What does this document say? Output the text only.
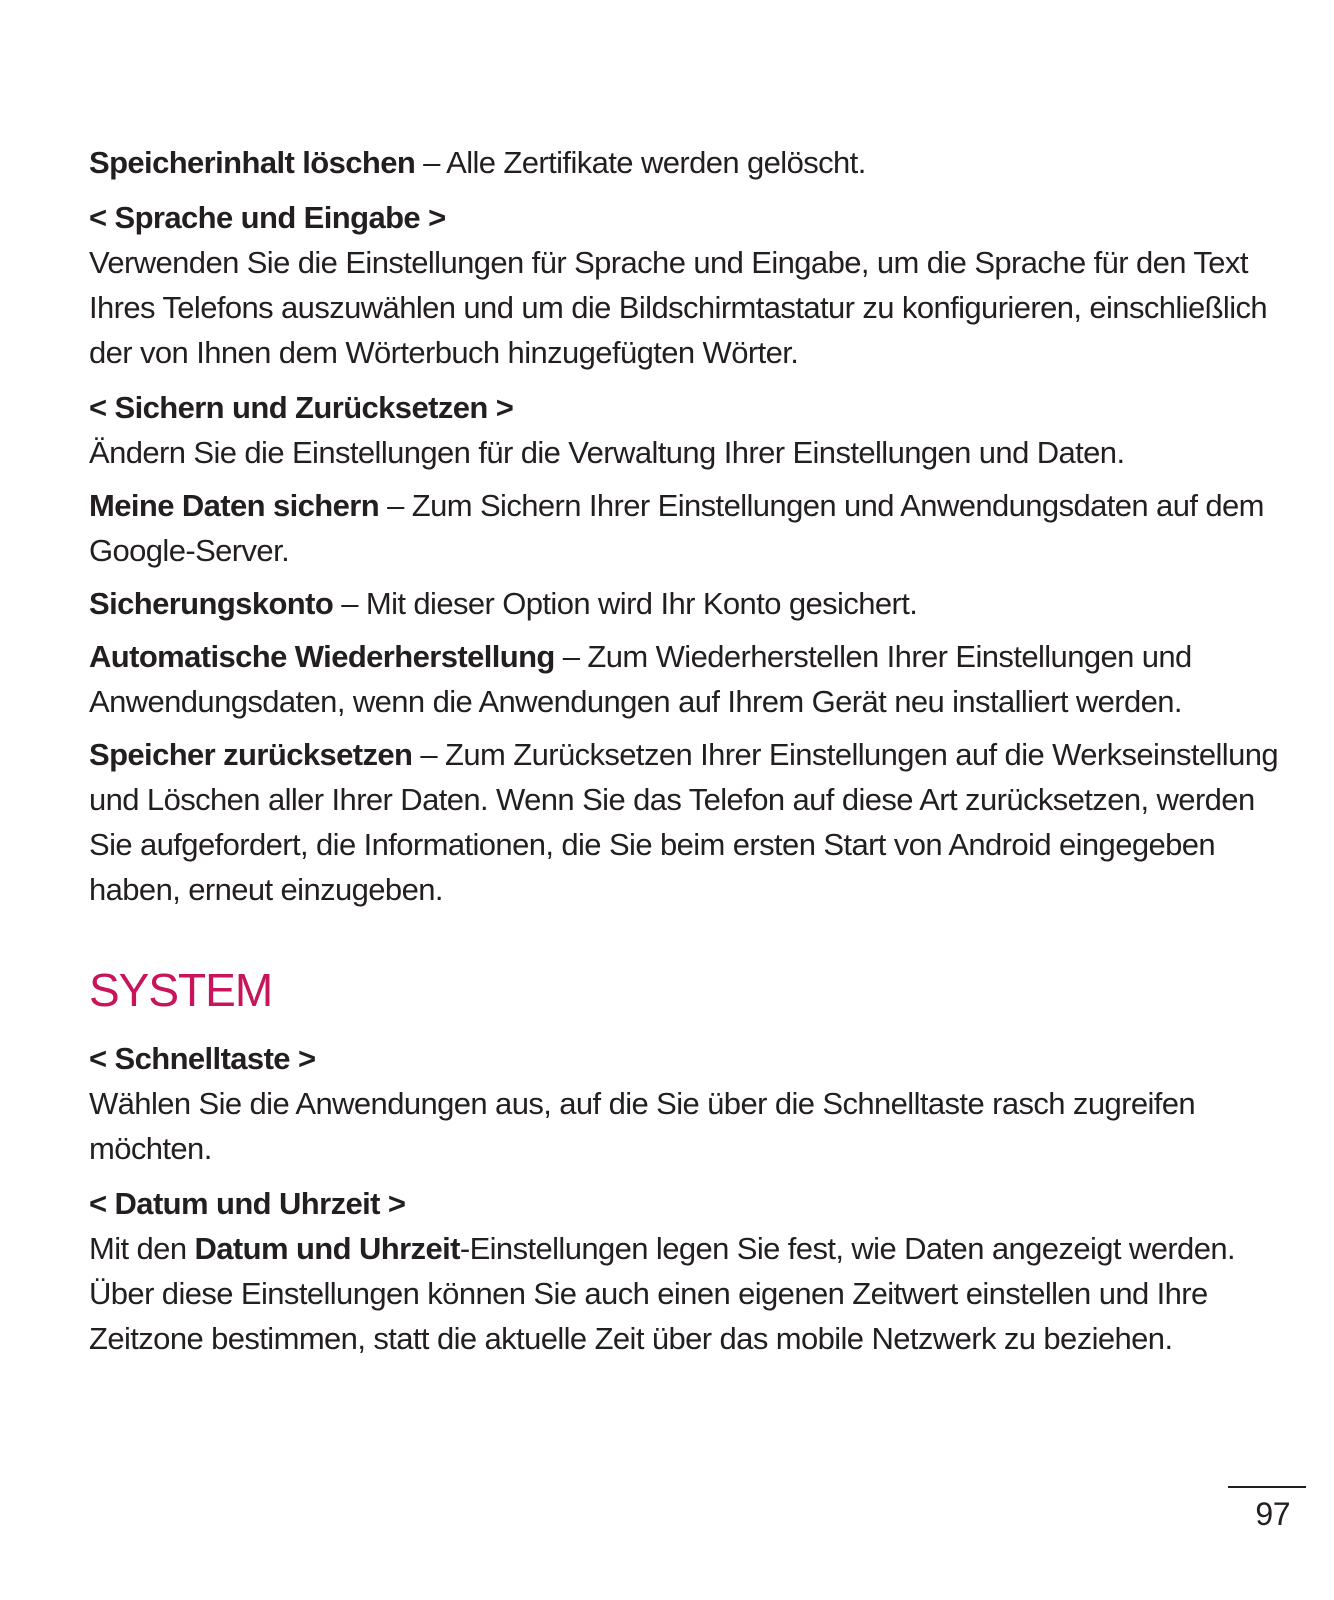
Speicherinhalt löschen – Alle Zertifikate werden gelöscht.

< Sprache und Eingabe >

Verwenden Sie die Einstellungen für Sprache und Eingabe, um die Sprache für den Text Ihres Telefons auszuwählen und um die Bildschirmtastatur zu konfigurieren, einschließlich der von Ihnen dem Wörterbuch hinzugefügten Wörter.

< Sichern und Zurücksetzen >

Ändern Sie die Einstellungen für die Verwaltung Ihrer Einstellungen und Daten.

Meine Daten sichern – Zum Sichern Ihrer Einstellungen und Anwendungsdaten auf dem Google-Server.

Sicherungskonto – Mit dieser Option wird Ihr Konto gesichert.

Automatische Wiederherstellung – Zum Wiederherstellen Ihrer Einstellungen und Anwendungsdaten, wenn die Anwendungen auf Ihrem Gerät neu installiert werden.

Speicher zurücksetzen – Zum Zurücksetzen Ihrer Einstellungen auf die Werkseinstellung und Löschen aller Ihrer Daten. Wenn Sie das Telefon auf diese Art zurücksetzen, werden Sie aufgefordert, die Informationen, die Sie beim ersten Start von Android eingegeben haben, erneut einzugeben.

SYSTEM

< Schnelltaste >

Wählen Sie die Anwendungen aus, auf die Sie über die Schnelltaste rasch zugreifen möchten.

< Datum und Uhrzeit >

Mit den Datum und Uhrzeit-Einstellungen legen Sie fest, wie Daten angezeigt werden. Über diese Einstellungen können Sie auch einen eigenen Zeitwert einstellen und Ihre Zeitzone bestimmen, statt die aktuelle Zeit über das mobile Netzwerk zu beziehen.

97
